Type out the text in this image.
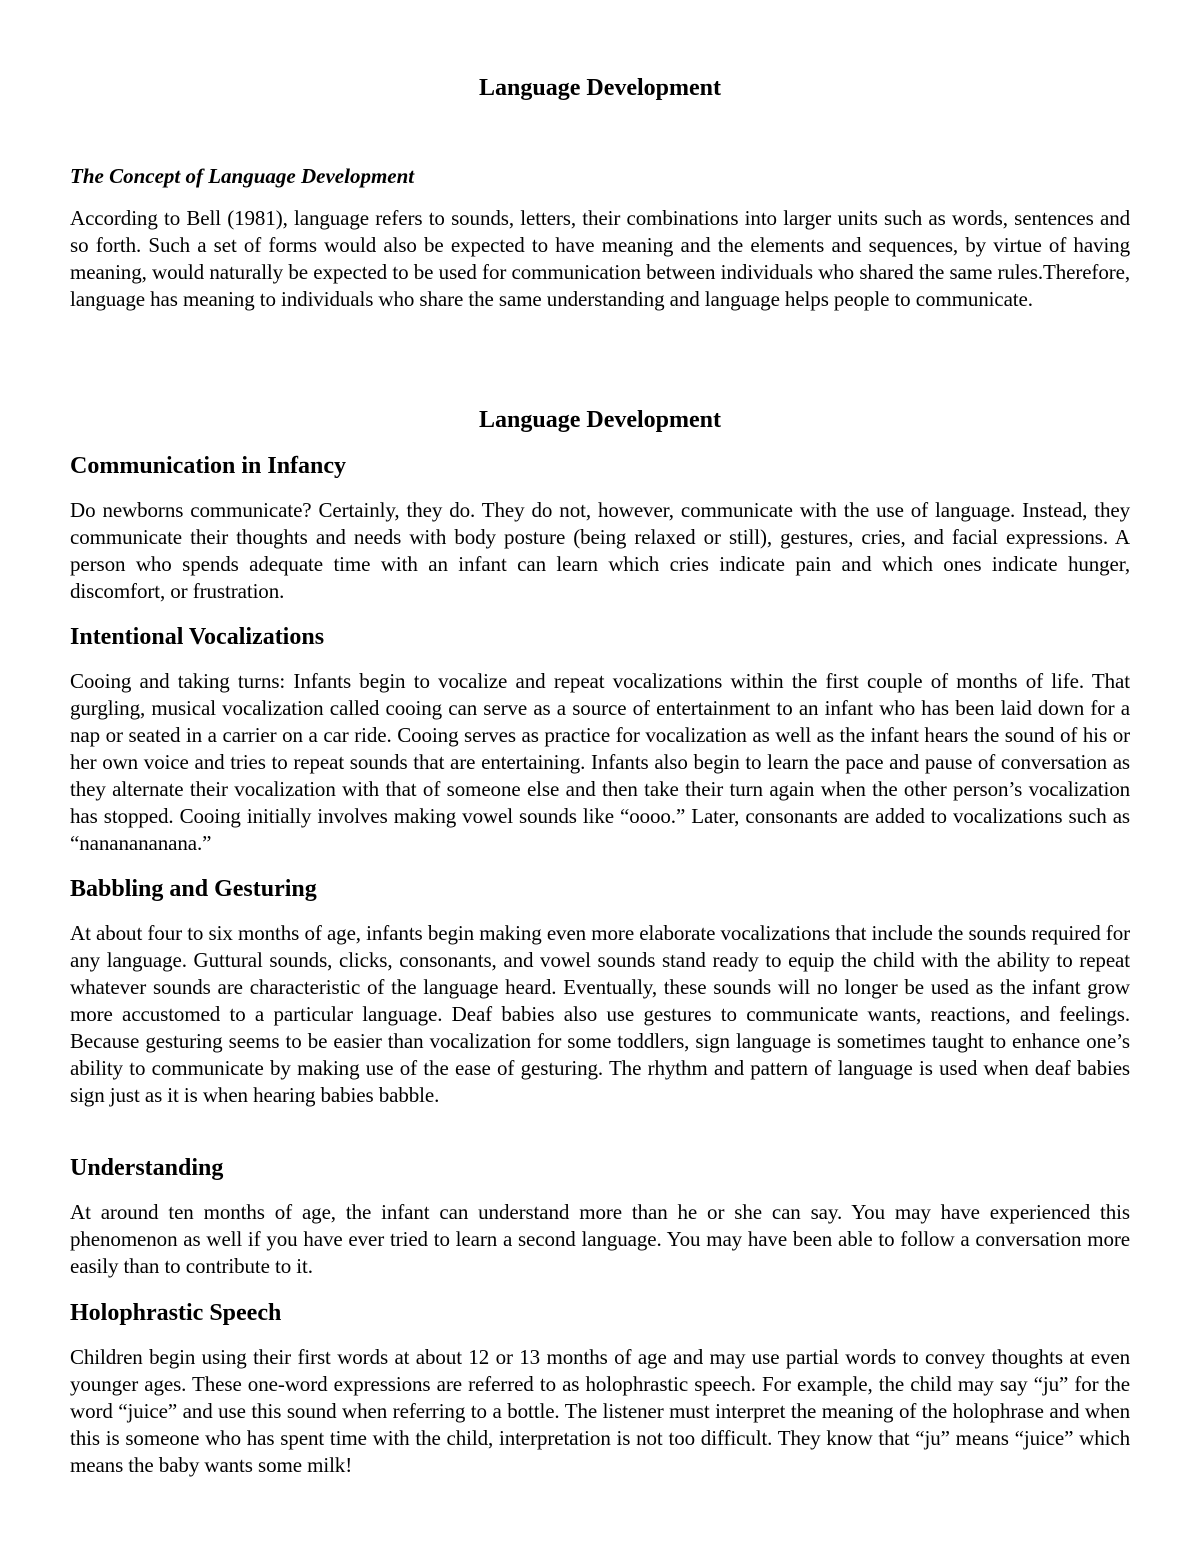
Language Development
The Concept of Language Development

According to Bell (1981), language refers to sounds, letters, their combinations into larger units such as words, sentences and so forth. Such a set of forms would also be expected to have meaning and the elements and sequences, by virtue of having meaning, would naturally be expected to be used for communication between individuals who shared the same rules.Therefore, language has meaning to individuals who share the same understanding and language helps people to communicate.

Language Development
Communication in Infancy

Do newborns communicate? Certainly, they do. They do not, however, communicate with the use of language. Instead, they communicate their thoughts and needs with body posture (being relaxed or still), gestures, cries, and facial expressions. A person who spends adequate time with an infant can learn which cries indicate pain and which ones indicate hunger, discomfort, or frustration.

Intentional Vocalizations

Cooing and taking turns: Infants begin to vocalize and repeat vocalizations within the first couple of months of life. That gurgling, musical vocalization called cooing can serve as a source of entertainment to an infant who has been laid down for a nap or seated in a carrier on a car ride. Cooing serves as practice for vocalization as well as the infant hears the sound of his or her own voice and tries to repeat sounds that are entertaining. Infants also begin to learn the pace and pause of conversation as they alternate their vocalization with that of someone else and then take their turn again when the other person’s vocalization has stopped. Cooing initially involves making vowel sounds like “oooo.” Later, consonants are added to vocalizations such as “nananananana.”

Babbling and Gesturing

At about four to six months of age, infants begin making even more elaborate vocalizations that include the sounds required for any language. Guttural sounds, clicks, consonants, and vowel sounds stand ready to equip the child with the ability to repeat whatever sounds are characteristic of the language heard. Eventually, these sounds will no longer be used as the infant grow more accustomed to a particular language. Deaf babies also use gestures to communicate wants, reactions, and feelings. Because gesturing seems to be easier than vocalization for some toddlers, sign language is sometimes taught to enhance one’s ability to communicate by making use of the ease of gesturing. The rhythm and pattern of language is used when deaf babies sign just as it is when hearing babies babble.

Understanding

At around ten months of age, the infant can understand more than he or she can say. You may have experienced this phenomenon as well if you have ever tried to learn a second language. You may have been able to follow a conversation more easily than to contribute to it.

Holophrastic Speech

Children begin using their first words at about 12 or 13 months of age and may use partial words to convey thoughts at even younger ages. These one-word expressions are referred to as holophrastic speech. For example, the child may say “ju” for the word “juice” and use this sound when referring to a bottle. The listener must interpret the meaning of the holophrase and when this is someone who has spent time with the child, interpretation is not too difficult. They know that “ju” means “juice” which means the baby wants some milk!
